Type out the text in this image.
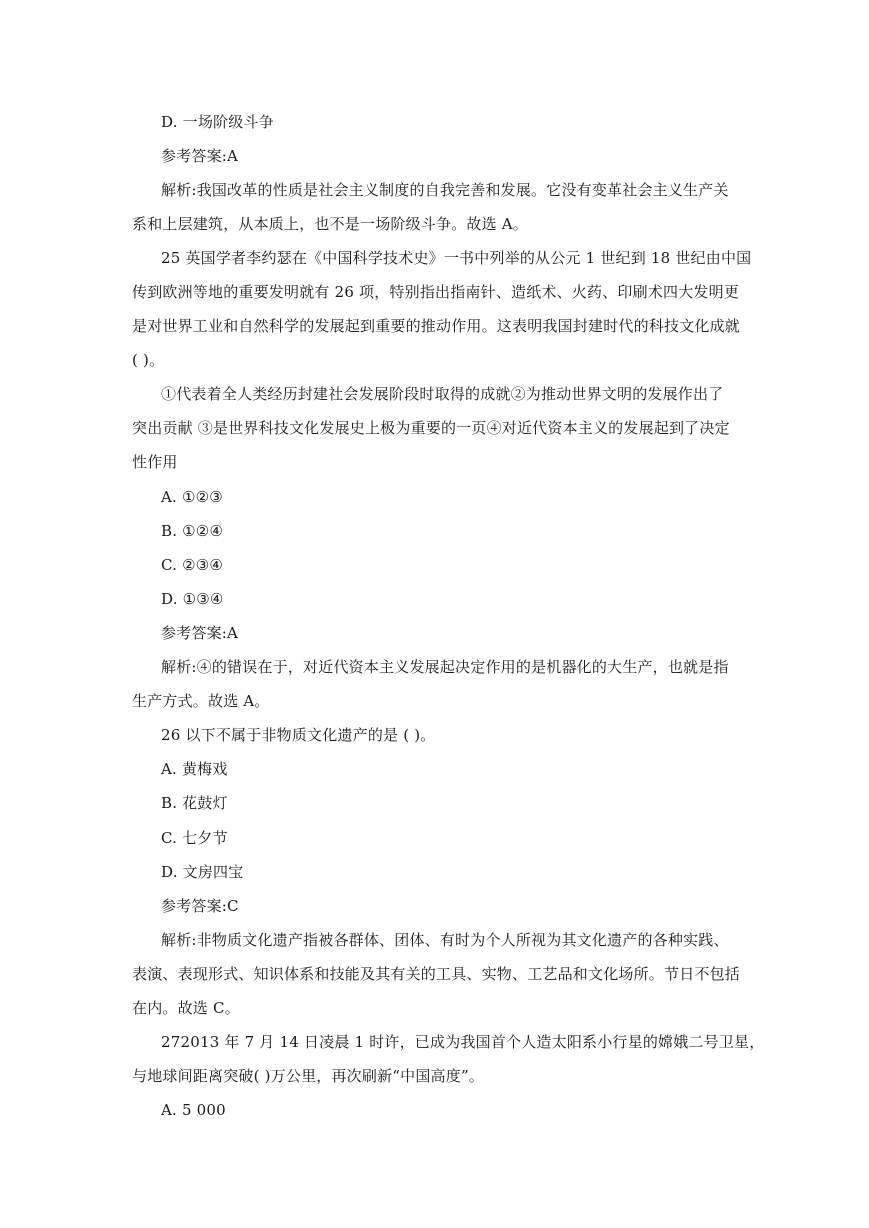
D. 一场阶级斗争
参考答案:A
解析:我国改革的性质是社会主义制度的自我完善和发展。它没有变革社会主义生产关
系和上层建筑，从本质上，也不是一场阶级斗争。故选 A。
25 英国学者李约瑟在《中国科学技术史》一书中列举的从公元 1 世纪到 18 世纪由中国
传到欧洲等地的重要发明就有 26 项，特别指出指南针、造纸术、火药、印刷术四大发明更
是对世界工业和自然科学的发展起到重要的推动作用。这表明我国封建时代的科技文化成就
( )。
①代表着全人类经历封建社会发展阶段时取得的成就②为推动世界文明的发展作出了
突出贡献 ③是世界科技文化发展史上极为重要的一页④对近代资本主义的发展起到了决定
性作用
A. ①②③
B. ①②④
C. ②③④
D. ①③④
参考答案:A
解析:④的错误在于，对近代资本主义发展起决定作用的是机器化的大生产，也就是指
生产方式。故选 A。
26 以下不属于非物质文化遗产的是 ( )。
A. 黄梅戏
B. 花鼓灯
C. 七夕节
D. 文房四宝
参考答案:C
解析:非物质文化遗产指被各群体、团体、有时为个人所视为其文化遗产的各种实践、
表演、表现形式、知识体系和技能及其有关的工具、实物、工艺品和文化场所。节日不包括
在内。故选 C。
272013 年 7 月 14 日凌晨 1 时许，已成为我国首个人造太阳系小行星的嫦娥二号卫星，
与地球间距离突破( )万公里，再次刷新“中国高度”。
A. 5 000
